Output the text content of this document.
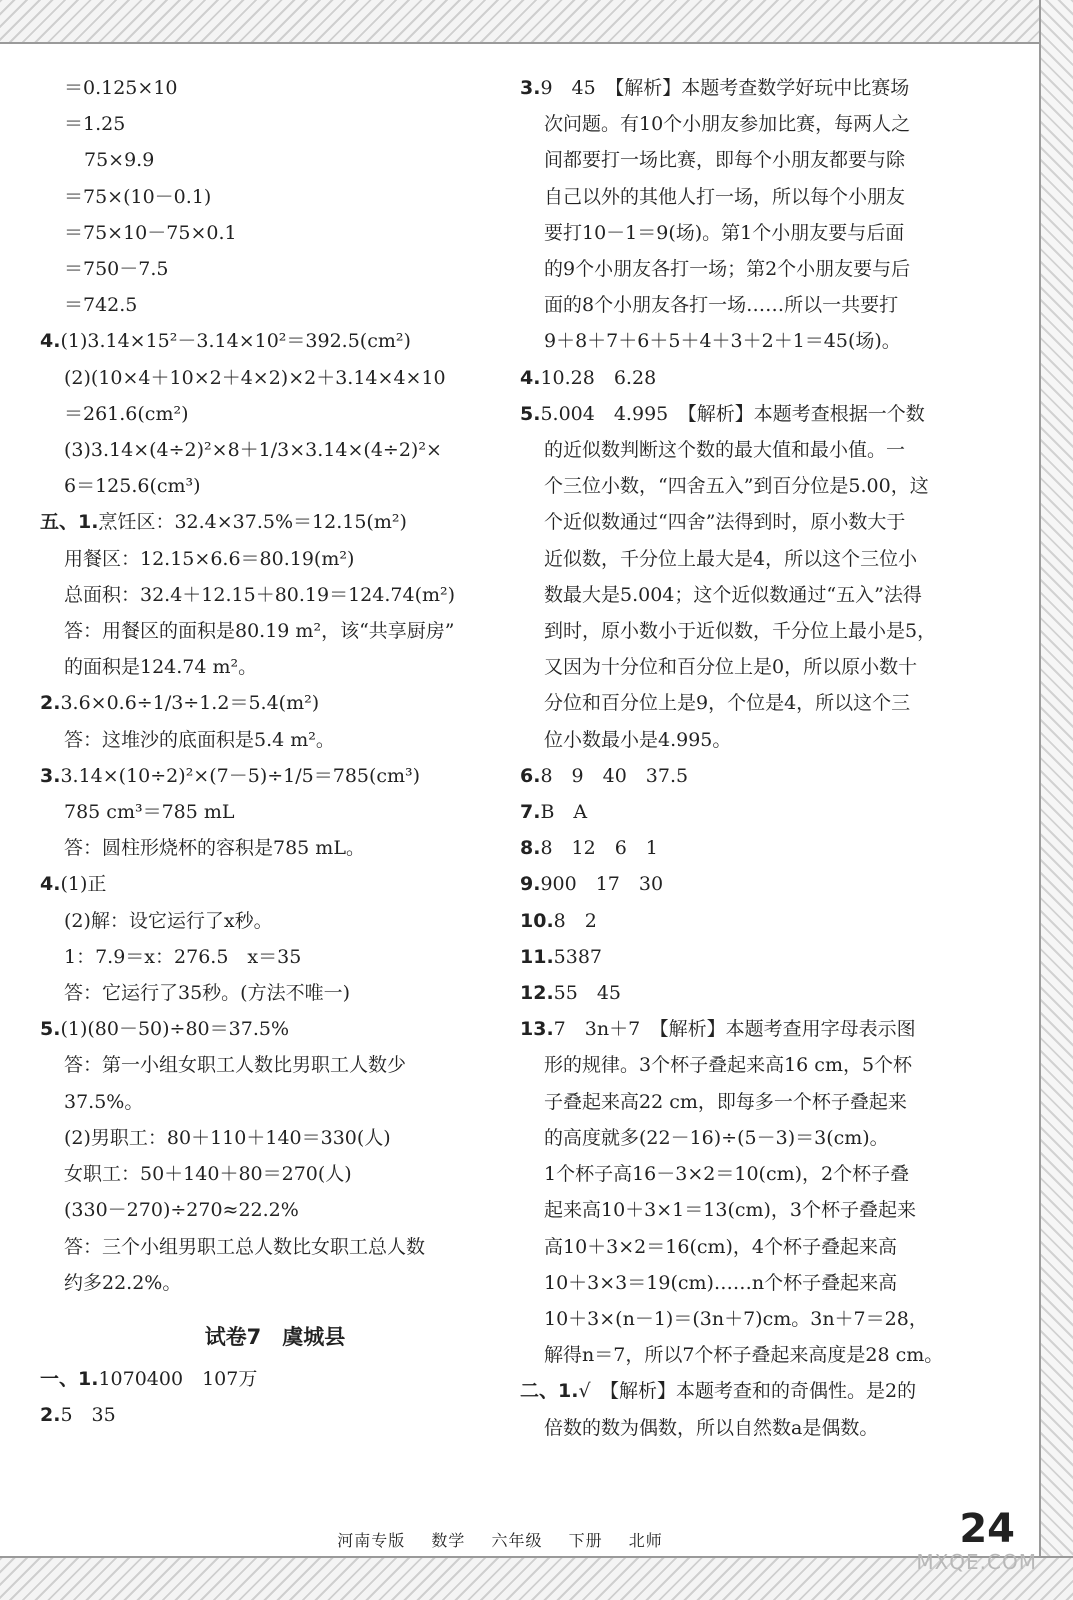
＝0.125×10
＝1.25
75×9.9
＝75×(10－0.1)
＝75×10－75×0.1
＝750－7.5
＝742.5
4.(1)3.14×15²－3.14×10²＝392.5(cm²)
(2)(10×4＋10×2＋4×2)×2＋3.14×4×10
＝261.6(cm²)
(3)3.14×(4÷2)²×8＋1/3×3.14×(4÷2)²×
6＝125.6(cm³)
五、1.烹饪区：32.4×37.5%＝12.15(m²)
用餐区：12.15×6.6＝80.19(m²)
总面积：32.4＋12.15＋80.19＝124.74(m²)
答：用餐区的面积是80.19 m²，该“共享厨房”
的面积是124.74 m²。
2.3.6×0.6÷1/3÷1.2＝5.4(m²)
答：这堆沙的底面积是5.4 m²。
3.3.14×(10÷2)²×(7－5)÷1/5＝785(cm³)
785 cm³＝785 mL
答：圆柱形烧杯的容积是785 mL。
4.(1)正
(2)解：设它运行了x秒。
1：7.9＝x：276.5　x＝35
答：它运行了35秒。(方法不唯一)
5.(1)(80－50)÷80＝37.5%
答：第一小组女职工人数比男职工人数少
37.5%。
(2)男职工：80＋110＋140＝330(人)
女职工：50＋140＋80＝270(人)
(330－270)÷270≈22.2%
答：三个小组男职工总人数比女职工总人数
约多22.2%。
试卷7　虞城县
一、1.1070400　107万
2.5　35
3.9　45　【解析】本题考查数学好玩中比赛场
次问题。有10个小朋友参加比赛，每两人之
间都要打一场比赛，即每个小朋友都要与除
自己以外的其他人打一场，所以每个小朋友
要打10－1＝9(场)。第1个小朋友要与后面
的9个小朋友各打一场；第2个小朋友要与后
面的8个小朋友各打一场……所以一共要打
9＋8＋7＋6＋5＋4＋3＋2＋1＝45(场)。
4.10.28　6.28
5.5.004　4.995　【解析】本题考查根据一个数
的近似数判断这个数的最大值和最小值。一
个三位小数，“四舍五入”到百分位是5.00，这
个近似数通过“四舍”法得到时，原小数大于
近似数，千分位上最大是4，所以这个三位小
数最大是5.004；这个近似数通过“五入”法得
到时，原小数小于近似数，千分位上最小是5，
又因为十分位和百分位上是0，所以原小数十
分位和百分位上是9，个位是4，所以这个三
位小数最小是4.995。
6.8　9　40　37.5
7.B　A
8.8　12　6　1
9.900　17　30
10.8　2
11.5387
12.55　45
13.7　3n＋7　【解析】本题考查用字母表示图
形的规律。3个杯子叠起来高16 cm，5个杯
子叠起来高22 cm，即每多一个杯子叠起来
的高度就多(22－16)÷(5－3)＝3(cm)。
1个杯子高16－3×2＝10(cm)，2个杯子叠
起来高10＋3×1＝13(cm)，3个杯子叠起来
高10＋3×2＝16(cm)，4个杯子叠起来高
10＋3×3＝19(cm)……n个杯子叠起来高
10＋3×(n－1)＝(3n＋7)cm。3n＋7＝28，
解得n＝7，所以7个杯子叠起来高度是28 cm。
二、1.√　【解析】本题考查和的奇偶性。是2的
倍数的数为偶数，所以自然数a是偶数。
河南专版 数学 六年级 下册 北师	24
MXQE.COM
